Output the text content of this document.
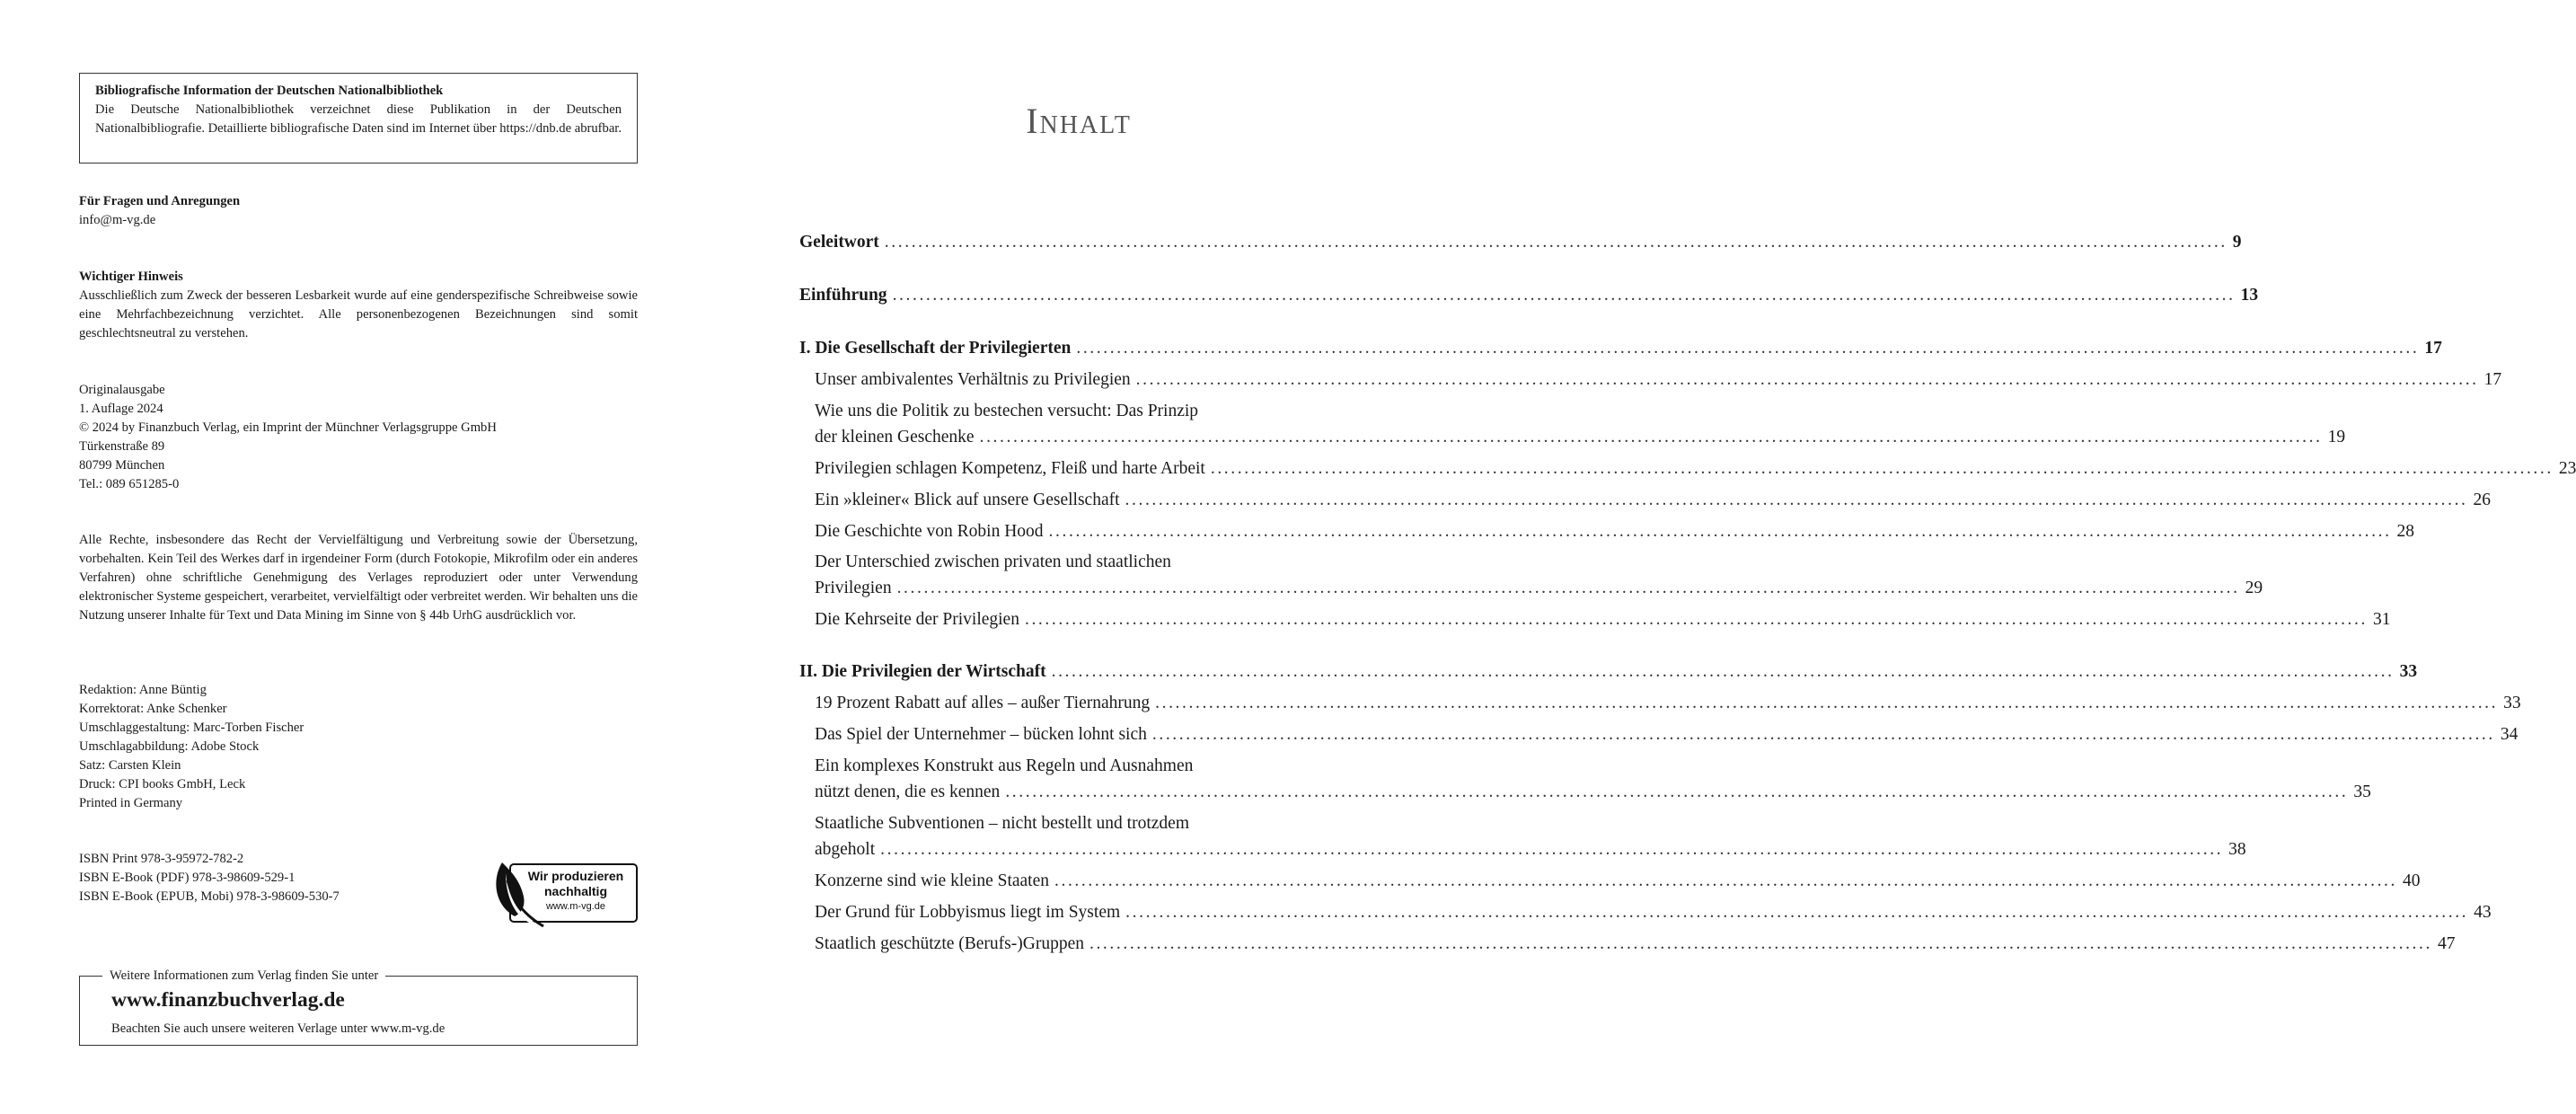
Bibliografische Information der Deutschen Nationalbibliothek
Die Deutsche Nationalbibliothek verzeichnet diese Publikation in der Deutschen Nationalbibliografie. Detaillierte bibliografische Daten sind im Internet über https://dnb.de abrufbar.
Für Fragen und Anregungen
info@m-vg.de
Wichtiger Hinweis
Ausschließlich zum Zweck der besseren Lesbarkeit wurde auf eine genderspezifische Schreibweise sowie eine Mehrfachbezeichnung verzichtet. Alle personenbezogenen Bezeichnungen sind somit geschlechtsneutral zu verstehen.
Originalausgabe
1. Auflage 2024
© 2024 by Finanzbuch Verlag, ein Imprint der Münchner Verlagsgruppe GmbH
Türkenstraße 89
80799 München
Tel.: 089 651285-0
Alle Rechte, insbesondere das Recht der Vervielfältigung und Verbreitung sowie der Übersetzung, vorbehalten. Kein Teil des Werkes darf in irgendeiner Form (durch Fotokopie, Mikrofilm oder ein anderes Verfahren) ohne schriftliche Genehmigung des Verlages reproduziert oder unter Verwendung elektronischer Systeme gespeichert, verarbeitet, vervielfältigt oder verbreitet werden. Wir behalten uns die Nutzung unserer Inhalte für Text und Data Mining im Sinne von § 44b UrhG ausdrücklich vor.
Redaktion: Anne Büntig
Korrektorat: Anke Schenker
Umschlaggestaltung: Marc-Torben Fischer
Umschlagabbildung: Adobe Stock
Satz: Carsten Klein
Druck: CPI books GmbH, Leck
Printed in Germany
ISBN Print 978-3-95972-782-2
ISBN E-Book (PDF) 978-3-98609-529-1
ISBN E-Book (EPUB, Mobi) 978-3-98609-530-7
Wir produzieren
nachhaltig
www.m-vg.de
Weitere Informationen zum Verlag finden Sie unter
www.finanzbuchverlag.de
Beachten Sie auch unsere weiteren Verlage unter www.m-vg.de
Inhalt
Geleitwort ........................................................................................................................................................................................................ 9
Einführung ........................................................................................................................................................................................................ 13
I. Die Gesellschaft der Privilegierten ........................................................................................................................................................................................................ 17
Unser ambivalentes Verhältnis zu Privilegien ........................................................................................................................................................................................................ 17
Wie uns die Politik zu bestechen versucht: Das Prinzip
der kleinen Geschenke ........................................................................................................................................................................................................ 19
Privilegien schlagen Kompetenz, Fleiß und harte Arbeit ........................................................................................................................................................................................................ 23
Ein »kleiner« Blick auf unsere Gesellschaft ........................................................................................................................................................................................................ 26
Die Geschichte von Robin Hood ........................................................................................................................................................................................................ 28
Der Unterschied zwischen privaten und staatlichen
Privilegien ........................................................................................................................................................................................................ 29
Die Kehrseite der Privilegien ........................................................................................................................................................................................................ 31
II. Die Privilegien der Wirtschaft ........................................................................................................................................................................................................ 33
19 Prozent Rabatt auf alles – außer Tiernahrung ........................................................................................................................................................................................................ 33
Das Spiel der Unternehmer – bücken lohnt sich ........................................................................................................................................................................................................ 34
Ein komplexes Konstrukt aus Regeln und Ausnahmen
nützt denen, die es kennen ........................................................................................................................................................................................................ 35
Staatliche Subventionen – nicht bestellt und trotzdem
abgeholt ........................................................................................................................................................................................................ 38
Konzerne sind wie kleine Staaten ........................................................................................................................................................................................................ 40
Der Grund für Lobbyismus liegt im System ........................................................................................................................................................................................................ 43
Staatlich geschützte (Berufs-)Gruppen ........................................................................................................................................................................................................ 47
